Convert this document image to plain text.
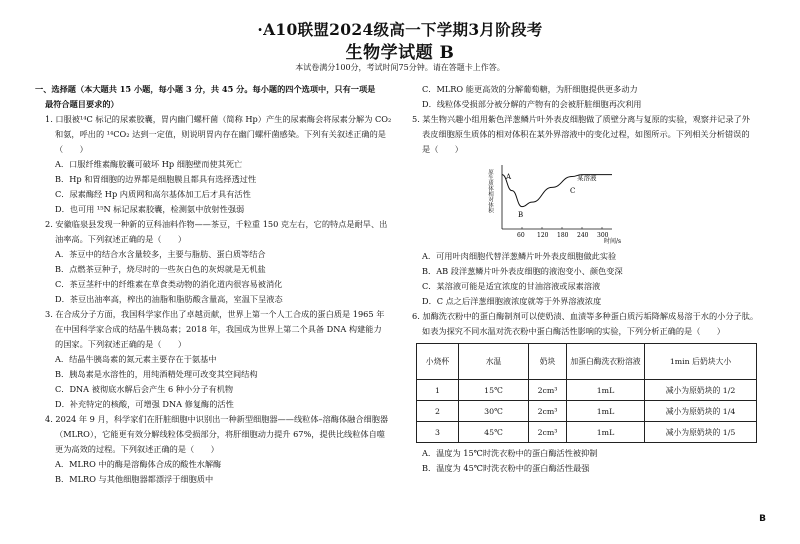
·A10联盟2024级高一下学期3月阶段考
生物学试题 B
本试卷满分100分，考试时间75分钟。请在答题卡上作答。
一、选择题（本大题共 15 小题，每小题 3 分，共 45 分。每小题的四个选项中，只有一项是
最符合题目要求的）
1. 口服被¹⁴C 标记的尿素胶囊，胃内幽门螺杆菌（简称 Hp）产生的尿素酶会将尿素分解为 CO₂
和氨，呼出的 ¹⁴CO₂ 达到一定值，则说明胃内存在幽门螺杆菌感染。下列有关叙述正确的是
（　　）
A．口服纤维素酶胶囊可破坏 Hp 细胞壁而使其死亡
B．Hp 和胃细胞的边界都是细胞膜且都具有选择透过性
C．尿素酶经 Hp 内质网和高尔基体加工后才具有活性
D．也可用 ¹⁵N 标记尿素胶囊，检测氨中放射性强弱
2. 安徽临泉县发现一种新的豆科油料作物——茶豆，千粒重 150 克左右，它的特点是耐旱、出
油率高。下列叙述正确的是（　　）
A．茶豆中的结合水含量较多，主要与脂肪、蛋白质等结合
B．点燃茶豆种子，烧尽时的一些灰白色的灰烬就是无机盐
C．茶豆茎秆中的纤维素在草食类动物的消化道内很容易被消化
D．茶豆出油率高，榨出的油脂和脂肪酸含量高，室温下呈液态
3. 在合成分子方面，我国科学家作出了卓越贡献，世界上第一个人工合成的蛋白质是 1965 年
在中国科学家合成的结晶牛胰岛素；2018 年，我国成为世界上第二个具备 DNA 构建能力
的国家。下列叙述正确的是（　　）
A．结晶牛胰岛素的氮元素主要存在于氨基中
B．胰岛素是水溶性的，用纯酒精处理可改变其空间结构
C．DNA 被彻底水解后会产生 6 种小分子有机物
D．补充特定的核酸，可增强 DNA 修复酶的活性
4. 2024 年 9 月，科学家们在肝脏细胞中识别出一种新型细胞器——线粒体–溶酶体融合细胞器
（MLRO），它能更有效分解线粒体受损部分，将肝细胞动力提升 67%，提供比线粒体自噬
更为高效的过程。下列叙述正确的是（　　）
A．MLRO 中的酶是溶酶体合成的酸性水解酶
B．MLRO 与其他细胞器都漂浮于细胞质中
C．MLRO 能更高效的分解葡萄糖，为肝细胞提供更多动力
D．线粒体受损部分被分解的产物有的会被肝脏细胞再次利用
5. 某生物兴趣小组用紫色洋葱鳞片叶外表皮细胞做了质壁分离与复原的实验，观察并记录了外
表皮细胞原生质体的相对体积在某外界溶液中的变化过程，如图所示。下列相关分析错误的
是（　　）
60 120 180 240 300
原生质体相对体积
时间/s
某溶液
A
B
C
A．可用叶肉细胞代替洋葱鳞片叶外表皮细胞做此实验
B．AB 段洋葱鳞片叶外表皮细胞的液泡变小、颜色变深
C．某溶液可能是适宜浓度的甘油溶液或尿素溶液
D．C 点之后洋葱细胞液浓度就等于外界溶液浓度
6. 加酶洗衣粉中的蛋白酶制剂可以使奶渍、血渍等多种蛋白质污垢降解成易溶于水的小分子肽。
如表为探究不同水温对洗衣粉中蛋白酶活性影响的实验，下列分析正确的是（　　）
小烧杯	水温	奶块	加蛋白酶洗衣粉溶液	1min 后奶块大小
1	15℃	2cm³	1mL	减小为原奶块的 1/2
2	30℃	2cm³	1mL	减小为原奶块的 1/4
3	45℃	2cm³	1mL	减小为原奶块的 1/5
A．温度为 15℃时洗衣粉中的蛋白酶活性被抑制
B．温度为 45℃时洗衣粉中的蛋白酶活性最强
B
